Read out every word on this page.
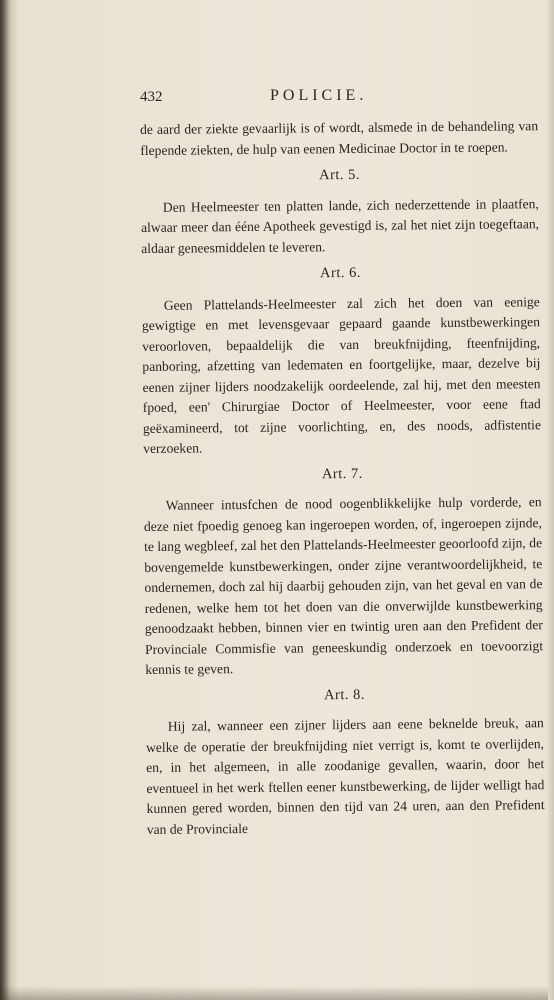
432	POLICIE.

de aard der ziekte gevaarlijk is of wordt, alsmede in de behandeling van flepende ziekten, de hulp van eenen Medicinae Doctor in te roepen.

Art. 5.

Den Heelmeester ten platten lande, zich nederzettende in plaatfen, alwaar meer dan ééne Apotheek gevestigd is, zal het niet zijn toegeftaan, aldaar geneesmiddelen te leveren.

Art. 6.

Geen Plattelands-Heelmeester zal zich het doen van eenige gewigtige en met levensgevaar gepaard gaande kunstbewerkingen veroorloven, bepaaldelijk die van breukfnijding, fteenfnijding, panboring, afzetting van ledematen en foortgelijke, maar, dezelve bij eenen zijner lijders noodzakelijk oordeelende, zal hij, met den meesten fpoed, een' Chirurgiae Doctor of Heelmeester, voor eene ftad geëxamineerd, tot zijne voorlichting, en, des noods, adfistentie verzoeken.

Art. 7.

Wanneer intusfchen de nood oogenblikkelijke hulp vorderde, en deze niet fpoedig genoeg kan ingeroepen worden, of, ingeroepen zijnde, te lang wegbleef, zal het den Plattelands-Heelmeester geoorloofd zijn, de bovengemelde kunstbewerkingen, onder zijne verantwoordelijkheid, te ondernemen, doch zal hij daarbij gehouden zijn, van het geval en van de redenen, welke hem tot het doen van die onverwijlde kunstbewerking genoodzaakt hebben, binnen vier en twintig uren aan den Prefident der Provinciale Commisfie van geneeskundig onderzoek en toevoorzigt kennis te geven.

Art. 8.

Hij zal, wanneer een zijner lijders aan eene beknelde breuk, aan welke de operatie der breukfnijding niet verrigt is, komt te overlijden, en, in het algemeen, in alle zoodanige gevallen, waarin, door het eventueel in het werk ftellen eener kunstbewerking, de lijder welligt had kunnen gered worden, binnen den tijd van 24 uren, aan den Prefident van de Provinciale
